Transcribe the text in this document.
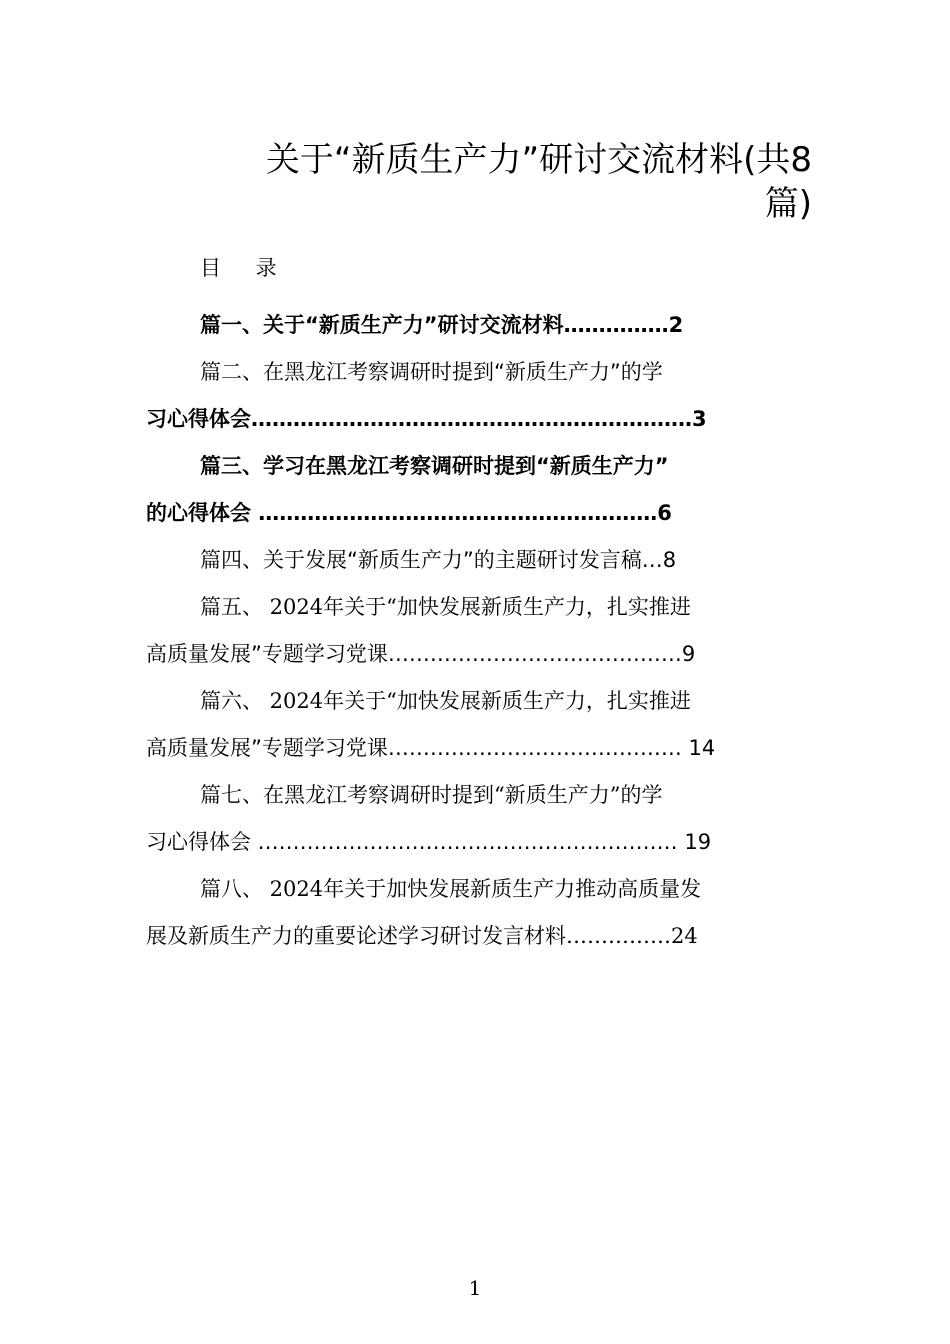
关于“新质生产力”研讨交流材料(共8
篇)
目 录
篇一、关于“新质生产力”研讨交流材料……………2
篇二、在黑龙江考察调研时提到“新质生产力”的学
习心得体会………………………………………………………3
篇三、学习在黑龙江考察调研时提到“新质生产力”
的心得体会 …………………………………………………6
篇四、关于发展“新质生产力”的主题研讨发言稿…8
篇五、 2024年关于“加快发展新质生产力，扎实推进
高质量发展”专题学习党课……………………………………9
篇六、 2024年关于“加快发展新质生产力，扎实推进
高质量发展”专题学习党课…………………………………… 14
篇七、在黑龙江考察调研时提到“新质生产力”的学
习心得体会 …………………………………………………… 19
篇八、 2024年关于加快发展新质生产力推动高质量发
展及新质生产力的重要论述学习研讨发言材料……………24
1
